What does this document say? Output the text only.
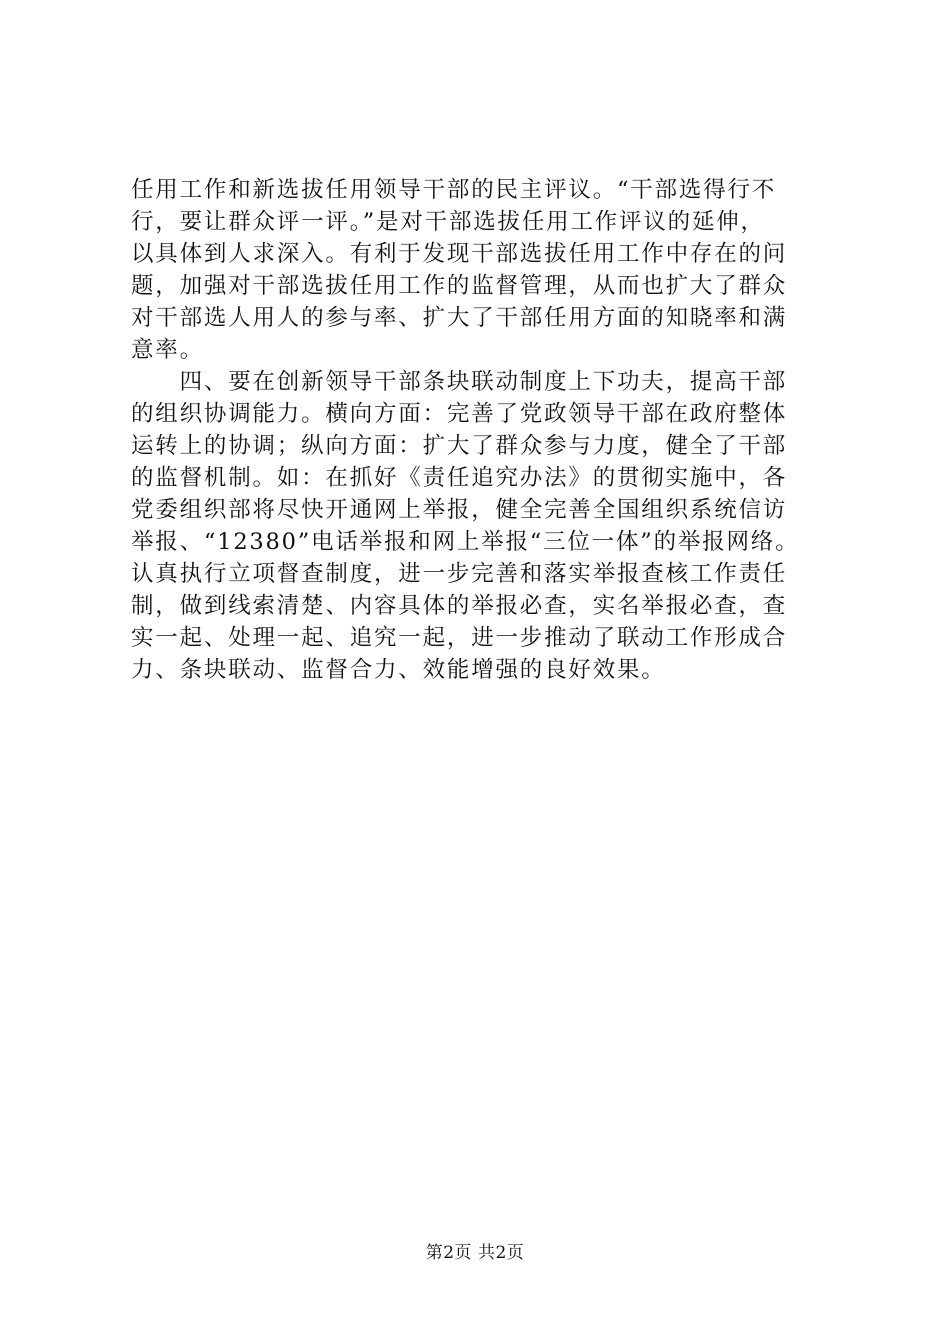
任用工作和新选拔任用领导干部的民主评议。“干部选得行不
行，要让群众评一评。”是对干部选拔任用工作评议的延伸，
以具体到人求深入。有利于发现干部选拔任用工作中存在的问
题，加强对干部选拔任用工作的监督管理，从而也扩大了群众
对干部选人用人的参与率、扩大了干部任用方面的知晓率和满
意率。
　　四、要在创新领导干部条块联动制度上下功夫，提高干部
的组织协调能力。横向方面：完善了党政领导干部在政府整体
运转上的协调；纵向方面：扩大了群众参与力度，健全了干部
的监督机制。如：在抓好《责任追究办法》的贯彻实施中，各
党委组织部将尽快开通网上举报，健全完善全国组织系统信访
举报、“12380”电话举报和网上举报“三位一体”的举报网络。
认真执行立项督查制度，进一步完善和落实举报查核工作责任
制，做到线索清楚、内容具体的举报必查，实名举报必查，查
实一起、处理一起、追究一起，进一步推动了联动工作形成合
力、条块联动、监督合力、效能增强的良好效果。
第2页 共2页
